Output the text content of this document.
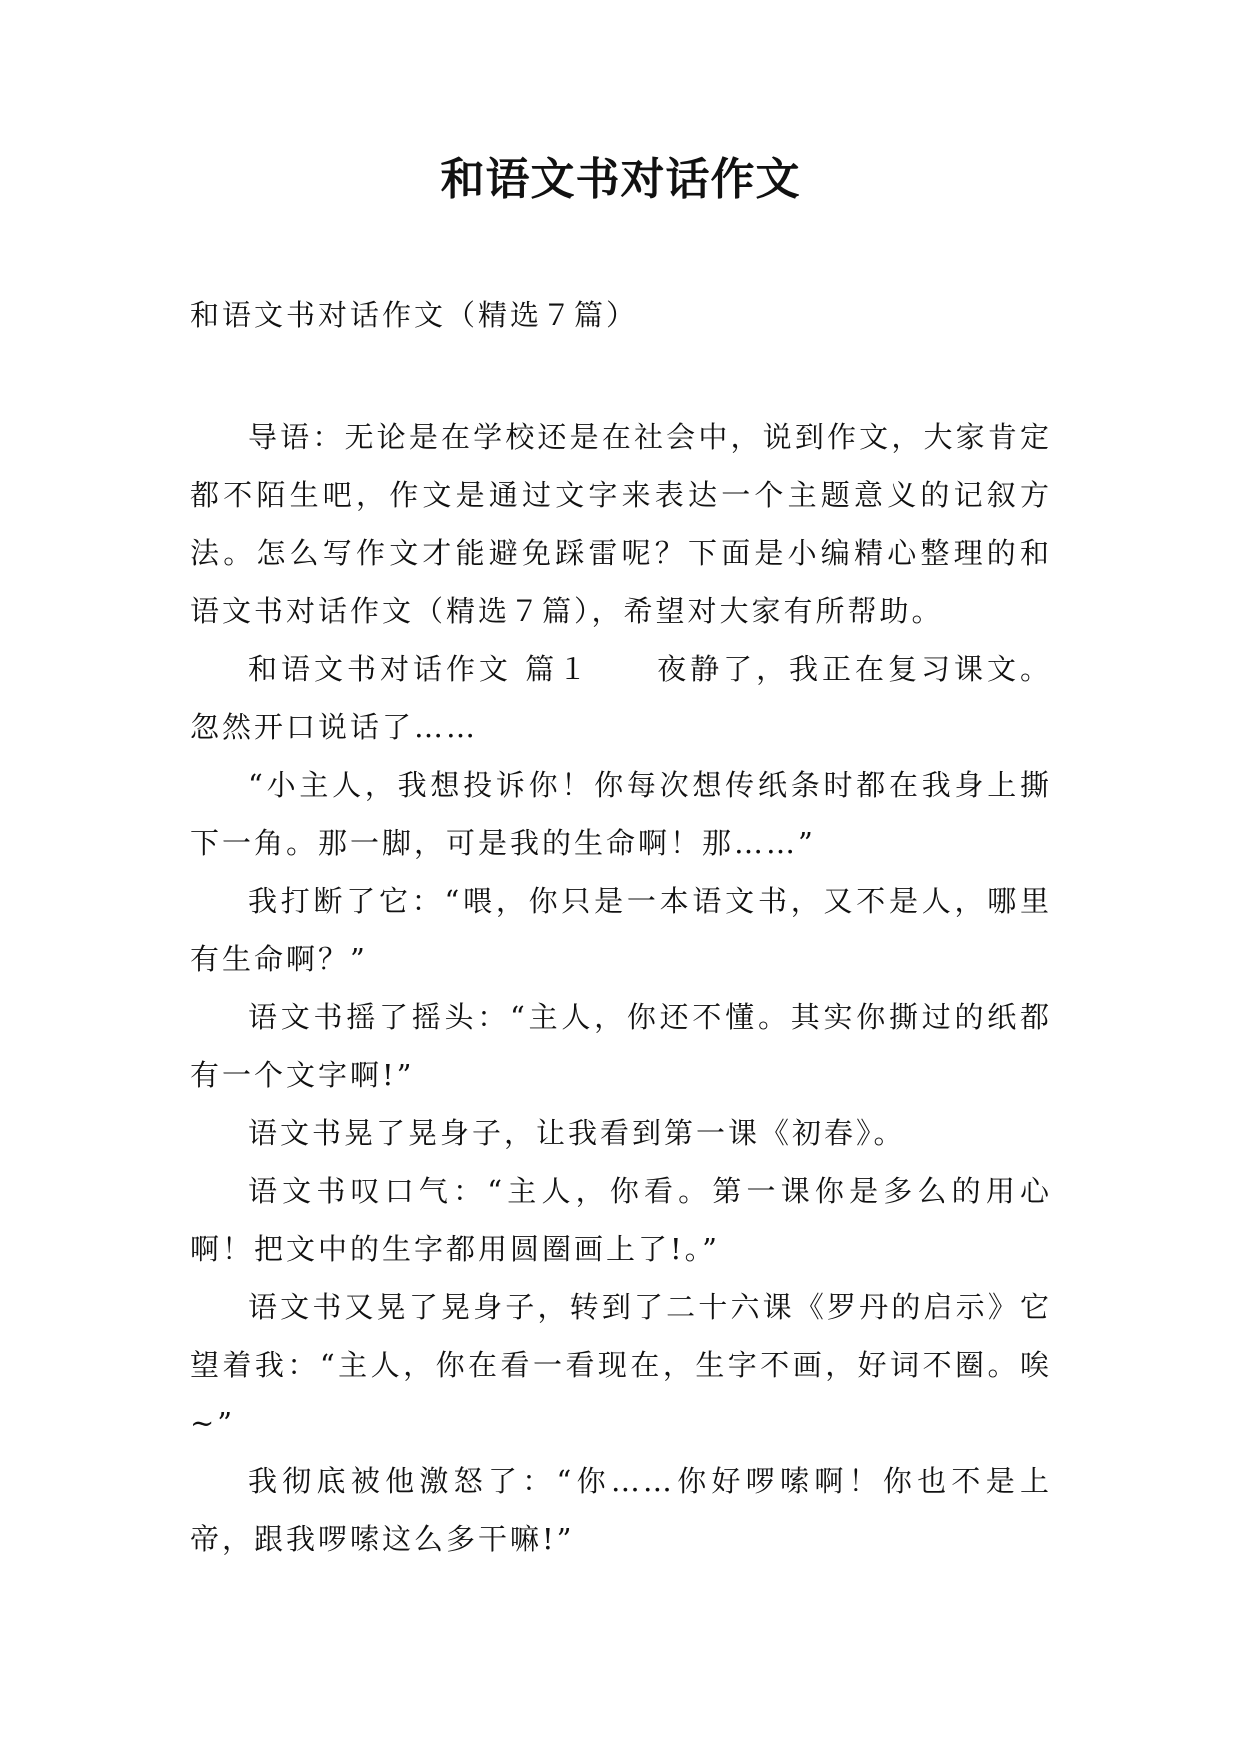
和语文书对话作文

和语文书对话作文（精选７篇）

导语：无论是在学校还是在社会中，说到作文，大家肯定都不陌生吧，作文是通过文字来表达一个主题意义的记叙方法。怎么写作文才能避免踩雷呢？下面是小编精心整理的和语文书对话作文（精选７篇），希望对大家有所帮助。

和语文书对话作文 篇１　　夜静了，我正在复习课文。忽然开口说话了……

“小主人，我想投诉你！你每次想传纸条时都在我身上撕下一角。那一脚，可是我的生命啊！那……”

我打断了它：“喂，你只是一本语文书，又不是人，哪里有生命啊？”

语文书摇了摇头：“主人，你还不懂。其实你撕过的纸都有一个文字啊!”

语文书晃了晃身子，让我看到第一课《初春》。

语文书叹口气：“主人，你看。第一课你是多么的用心啊！把文中的生字都用圆圈画上了!。”

语文书又晃了晃身子，转到了二十六课《罗丹的启示》它望着我：“主人，你在看一看现在，生字不画，好词不圈。唉~”

我彻底被他激怒了：“你……你好啰嗦啊！你也不是上帝，跟我啰嗦这么多干嘛!”
